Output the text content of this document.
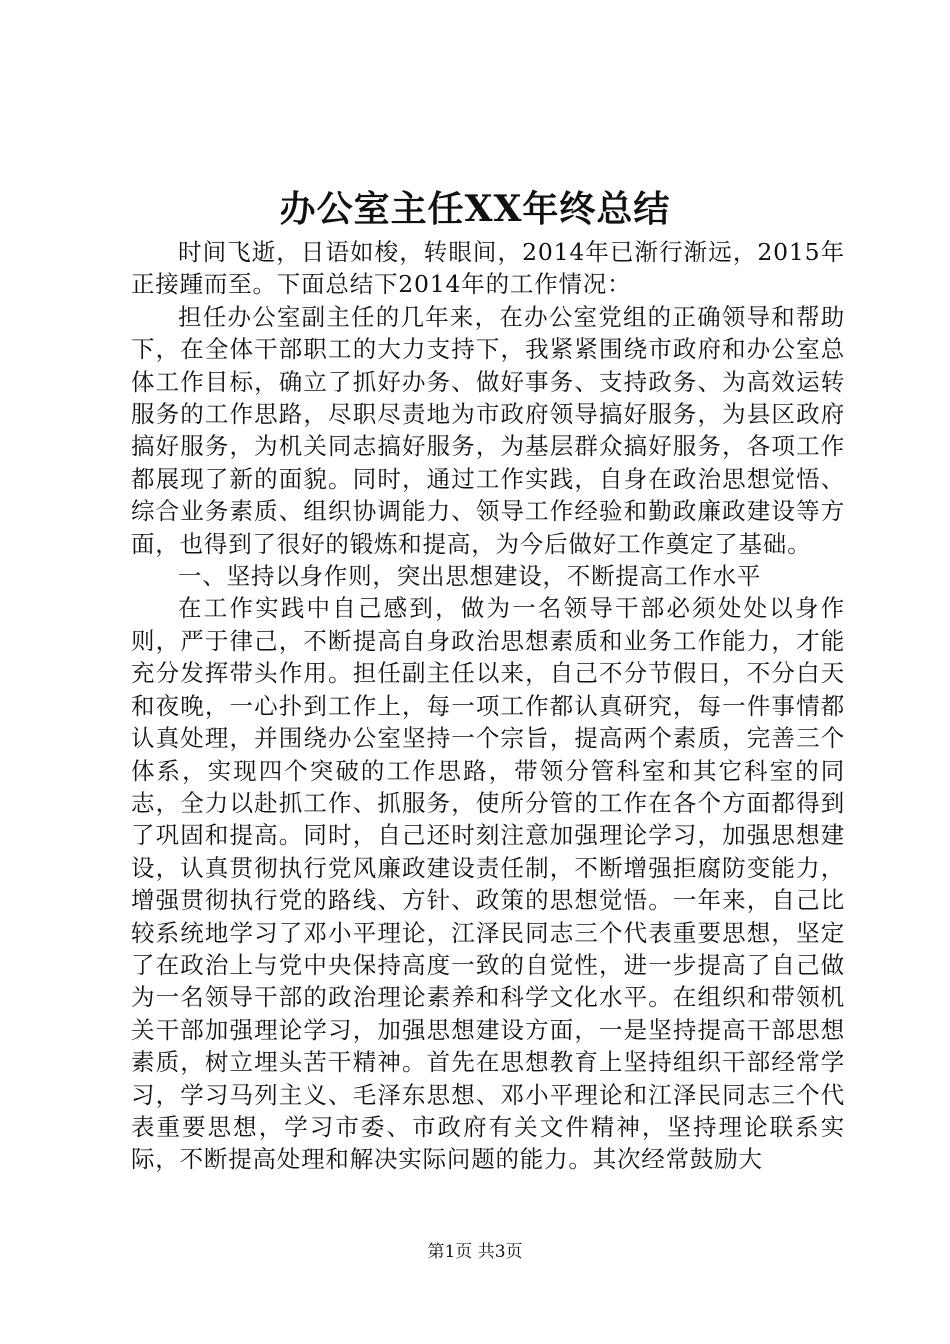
办公室主任XX年终总结

时间飞逝，日语如梭，转眼间，2014年已渐行渐远，2015年正接踵而至。下面总结下2014年的工作情况：

担任办公室副主任的几年来，在办公室党组的正确领导和帮助下，在全体干部职工的大力支持下，我紧紧围绕市政府和办公室总体工作目标，确立了抓好办务、做好事务、支持政务、为高效运转服务的工作思路，尽职尽责地为市政府领导搞好服务，为县区政府搞好服务，为机关同志搞好服务，为基层群众搞好服务，各项工作都展现了新的面貌。同时，通过工作实践，自身在政治思想觉悟、综合业务素质、组织协调能力、领导工作经验和勤政廉政建设等方面，也得到了很好的锻炼和提高，为今后做好工作奠定了基础。

一、坚持以身作则，突出思想建设，不断提高工作水平

在工作实践中自己感到，做为一名领导干部必须处处以身作则，严于律己，不断提高自身政治思想素质和业务工作能力，才能充分发挥带头作用。担任副主任以来，自己不分节假日，不分白天和夜晚，一心扑到工作上，每一项工作都认真研究，每一件事情都认真处理，并围绕办公室坚持一个宗旨，提高两个素质，完善三个体系，实现四个突破的工作思路，带领分管科室和其它科室的同志，全力以赴抓工作、抓服务，使所分管的工作在各个方面都得到了巩固和提高。同时，自己还时刻注意加强理论学习，加强思想建设，认真贯彻执行党风廉政建设责任制，不断增强拒腐防变能力，增强贯彻执行党的路线、方针、政策的思想觉悟。一年来，自己比较系统地学习了邓小平理论，江泽民同志三个代表重要思想，坚定了在政治上与党中央保持高度一致的自觉性，进一步提高了自己做为一名领导干部的政治理论素养和科学文化水平。在组织和带领机关干部加强理论学习，加强思想建设方面，一是坚持提高干部思想素质，树立埋头苦干精神。首先在思想教育上坚持组织干部经常学习，学习马列主义、毛泽东思想、邓小平理论和江泽民同志三个代表重要思想，学习市委、市政府有关文件精神，坚持理论联系实际，不断提高处理和解决实际问题的能力。其次经常鼓励大

第1页 共3页
